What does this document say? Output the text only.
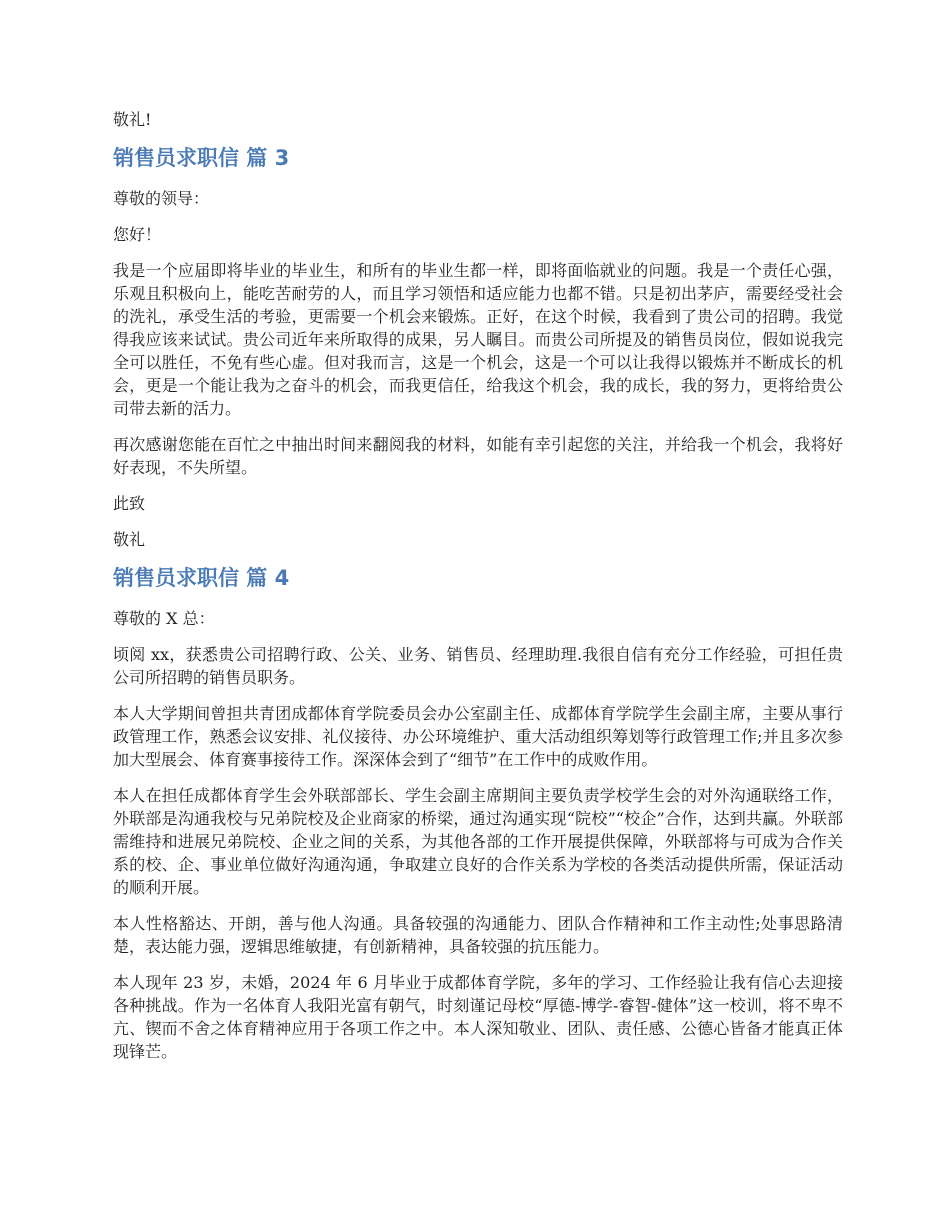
敬礼!

销售员求职信 篇 3

尊敬的领导：

您好！

我是一个应届即将毕业的毕业生，和所有的毕业生都一样，即将面临就业的问题。我是一个责任心强，乐观且积极向上，能吃苦耐劳的人，而且学习领悟和适应能力也都不错。只是初出茅庐，需要经受社会的洗礼，承受生活的考验，更需要一个机会来锻炼。正好，在这个时候，我看到了贵公司的招聘。我觉得我应该来试试。贵公司近年来所取得的成果，另人瞩目。而贵公司所提及的销售员岗位，假如说我完全可以胜任，不免有些心虚。但对我而言，这是一个机会，这是一个可以让我得以锻炼并不断成长的机会，更是一个能让我为之奋斗的机会，而我更信任，给我这个机会，我的成长，我的努力，更将给贵公司带去新的活力。

再次感谢您能在百忙之中抽出时间来翻阅我的材料，如能有幸引起您的关注，并给我一个机会，我将好好表现，不失所望。

此致

敬礼

销售员求职信 篇 4

尊敬的 X 总：

顷阅 xx，获悉贵公司招聘行政、公关、业务、销售员、经理助理.我很自信有充分工作经验，可担任贵公司所招聘的销售员职务。

本人大学期间曾担共青团成都体育学院委员会办公室副主任、成都体育学院学生会副主席，主要从事行政管理工作，熟悉会议安排、礼仪接待、办公环境维护、重大活动组织筹划等行政管理工作;并且多次参加大型展会、体育赛事接待工作。深深体会到了“细节”在工作中的成败作用。

本人在担任成都体育学生会外联部部长、学生会副主席期间主要负责学校学生会的对外沟通联络工作，外联部是沟通我校与兄弟院校及企业商家的桥梁，通过沟通实现“院校”“校企”合作，达到共赢。外联部需维持和进展兄弟院校、企业之间的关系，为其他各部的工作开展提供保障，外联部将与可成为合作关系的校、企、事业单位做好沟通沟通，争取建立良好的合作关系为学校的各类活动提供所需，保证活动的顺利开展。

本人性格豁达、开朗，善与他人沟通。具备较强的沟通能力、团队合作精神和工作主动性;处事思路清楚，表达能力强，逻辑思维敏捷，有创新精神，具备较强的抗压能力。

本人现年 23 岁，未婚，2024 年 6 月毕业于成都体育学院，多年的学习、工作经验让我有信心去迎接各种挑战。作为一名体育人我阳光富有朝气，时刻谨记母校“厚德-博学-睿智-健体”这一校训，将不卑不亢、锲而不舍之体育精神应用于各项工作之中。本人深知敬业、团队、责任感、公德心皆备才能真正体现锋芒。
